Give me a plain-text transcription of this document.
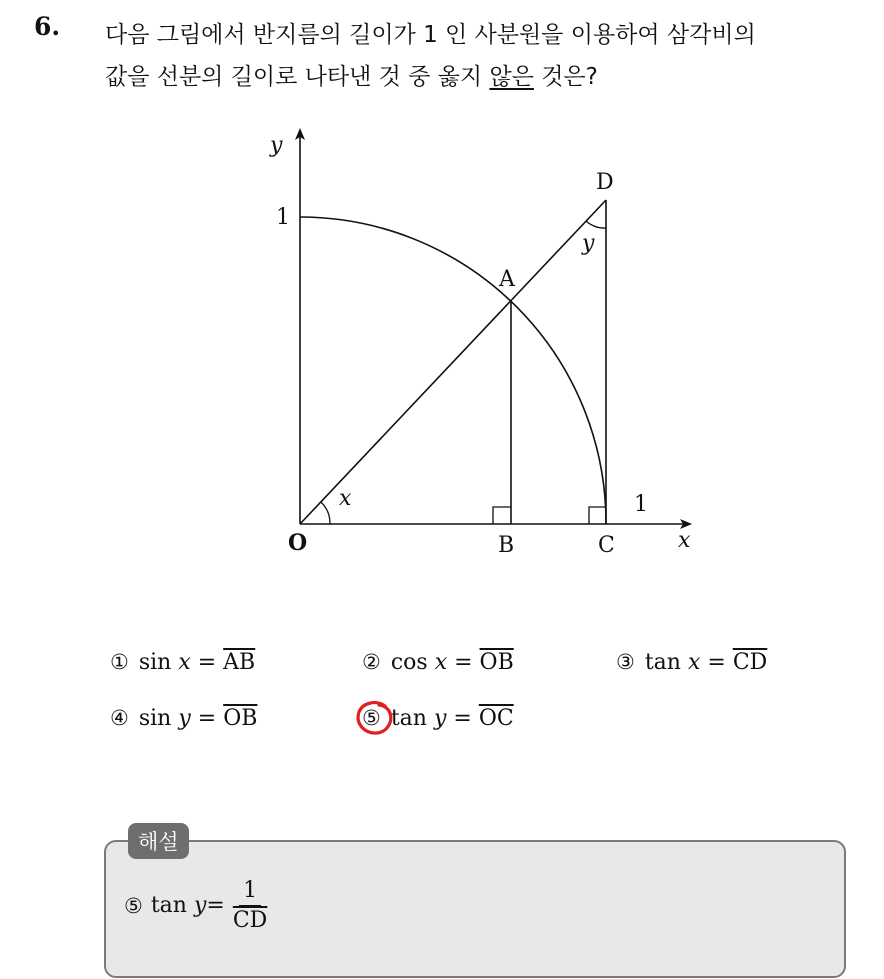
6. 다음 그림에서 반지름의 길이가 1 인 사분원을 이용하여 삼각비의
값을 선분의 길이로 나타낸 것 중 옳지 않은 것은?
y
x
1
1
O
A
B	C
D
x
y
① $\sin x = \overline{AB}$	② $\cos x = \overline{OB}$	③ $\tan x = \overline{CD}$
④ $\sin y = \overline{OB}$	⑤ $\tan y = \overline{OC}$
해설
⑤ tan
$y = \frac{1}{CD}$
